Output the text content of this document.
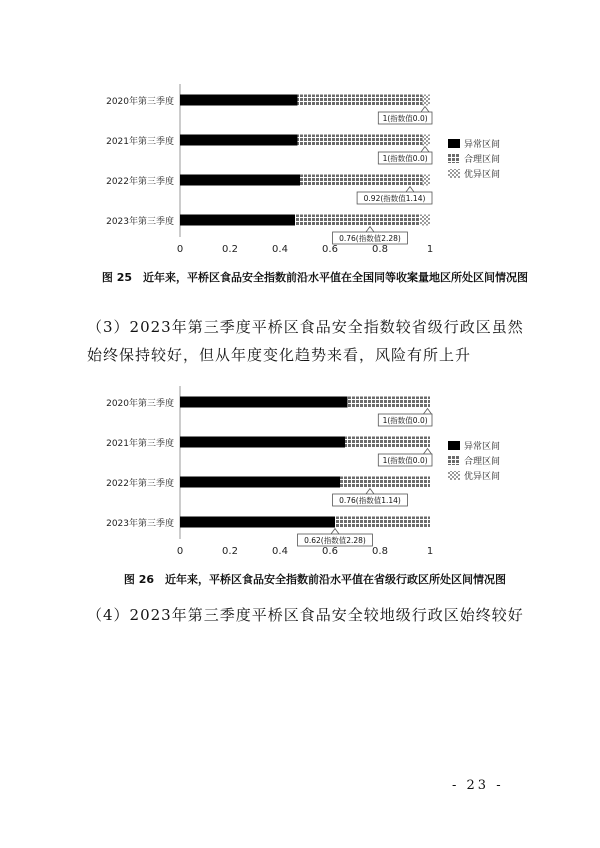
2020年第三季度
2021年第三季度
2022年第三季度
2023年第三季度
0	0.2	0.4	0.6	0.8	1
1(指数值0.0)
1(指数值0.0)
0.92(指数值1.14)
0.76(指数值2.28)
异常区间
合理区间
优异区间
图 25　近年来，平桥区食品安全指数前沿水平值在全国同等收案量地区所处区间情况图
（3）2023年第三季度平桥区食品安全指数较省级行政区虽然始终保持较好，但从年度变化趋势来看，风险有所上升
2020年第三季度
2021年第三季度
2022年第三季度
2023年第三季度
0	0.2	0.4	0.6	0.8	1
1(指数值0.0)
1(指数值0.0)
0.76(指数值1.14)
0.62(指数值2.28)
异常区间
合理区间
优异区间
图 26　近年来，平桥区食品安全指数前沿水平值在省级行政区所处区间情况图
（4）2023年第三季度平桥区食品安全较地级行政区始终较好
- 23 -
